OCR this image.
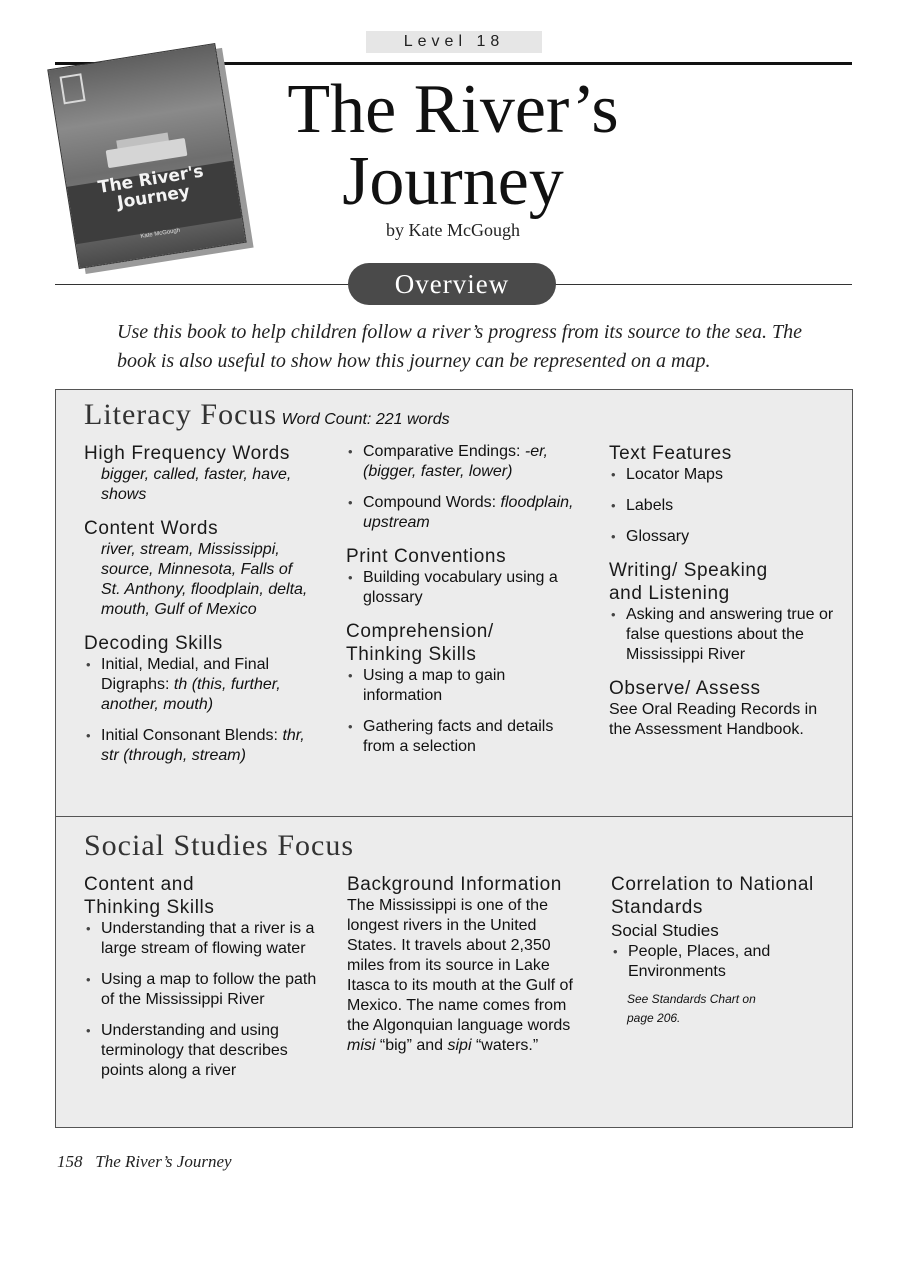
Level 18
The River's Journey
Kate McGough
The River’s
Journey
by Kate McGough
Overview
Use this book to help children follow a river’s progress from its source to the sea. The book is also useful to show how this journey can be represented on a map.
Literacy Focus Word Count: 221 words
High Frequency Words
bigger, called, faster, have, shows
Content Words
river, stream, Mississippi, source, Minnesota, Falls of St. Anthony, floodplain, delta, mouth, Gulf of Mexico
Decoding Skills
• Initial, Medial, and Final Digraphs: th (this, further, another, mouth)
• Initial Consonant Blends: thr, str (through, stream)
• Comparative Endings: -er, (bigger, faster, lower)
• Compound Words: floodplain, upstream
Print Conventions
• Building vocabulary using a glossary
Comprehension/ Thinking Skills
• Using a map to gain information
• Gathering facts and details from a selection
Text Features
• Locator Maps
• Labels
• Glossary
Writing/ Speaking and Listening
• Asking and answering true or false questions about the Mississippi River
Observe/ Assess
See Oral Reading Records in the Assessment Handbook.
Social Studies Focus
Content and Thinking Skills
• Understanding that a river is a large stream of flowing water
• Using a map to follow the path of the Mississippi River
• Understanding and using terminology that describes points along a river
Background Information
The Mississippi is one of the longest rivers in the United States. It travels about 2,350 miles from its source in Lake Itasca to its mouth at the Gulf of Mexico. The name comes from the Algonquian language words misi “big” and sipi “waters.”
Correlation to National Standards
Social Studies
• People, Places, and Environments
See Standards Chart on page 206.
158   The River’s Journey
